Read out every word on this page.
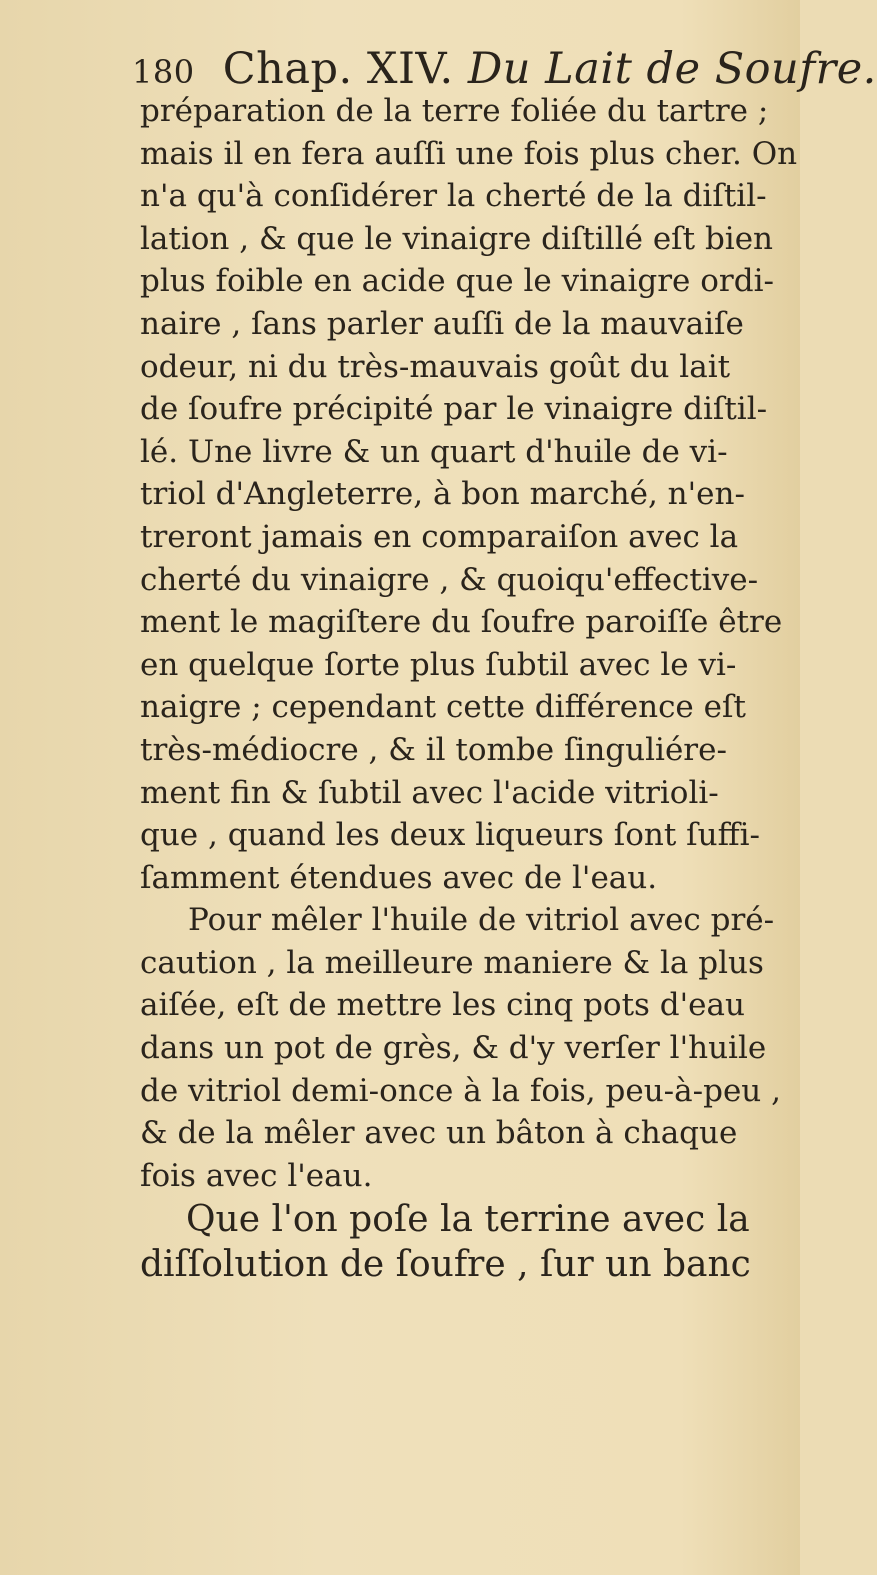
180 Chap. XIV. Du Lait de Soufre.
préparation de la terre foliée du tartre ;
mais il en fera auſſi une fois plus cher. On
n'a qu'à conſidérer la cherté de la diſtil-
lation , & que le vinaigre diſtillé eſt bien
plus foible en acide que le vinaigre ordi-
naire , ſans parler auſſi de la mauvaiſe
odeur, ni du très-mauvais goût du lait
de ſoufre précipité par le vinaigre diſtil-
lé. Une livre & un quart d'huile de vi-
triol d'Angleterre, à bon marché, n'en-
treront jamais en comparaiſon avec la
cherté du vinaigre , & quoiqu'effective-
ment le magiſtere du ſoufre paroiſſe être
en quelque ſorte plus ſubtil avec le vi-
naigre ; cependant cette différence eſt
très-médiocre , & il tombe ſinguliére-
ment fin & ſubtil avec l'acide vitrioli-
que , quand les deux liqueurs ſont ſuffi-
ſamment étendues avec de l'eau.
Pour mêler l'huile de vitriol avec pré-
caution , la meilleure maniere & la plus
aiſée, eſt de mettre les cinq pots d'eau
dans un pot de grès, & d'y verſer l'huile
de vitriol demi-once à la fois, peu-à-peu ,
& de la mêler avec un bâton à chaque
fois avec l'eau.
Que l'on poſe la terrine avec la
diſſolution de ſoufre , ſur un banc
